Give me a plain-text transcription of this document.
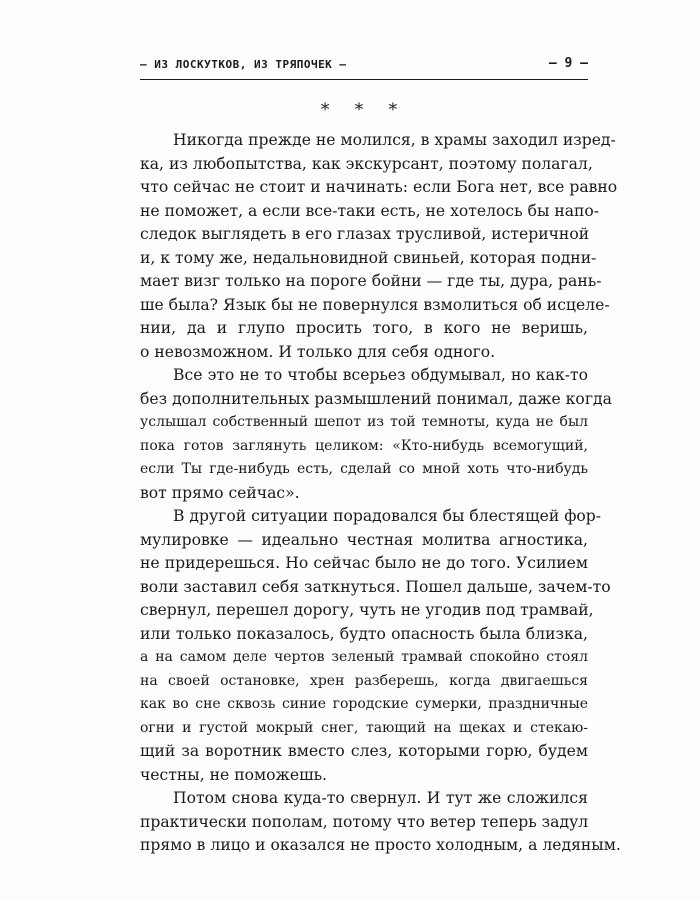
— ИЗ ЛОСКУТКОВ, ИЗ ТРЯПОЧЕК —	— 9 —
* * *
Никогда прежде не молился, в храмы заходил изред-
ка, из любопытства, как экскурсант, поэтому полагал,
что сейчас не стоит и начинать: если Бога нет, все равно
не поможет, а если все-таки есть, не хотелось бы напо-
следок выглядеть в его глазах трусливой, истеричной
и, к тому же, недальновидной свиньей, которая подни-
мает визг только на пороге бойни — где ты, дура, рань-
ше была? Язык бы не повернулся взмолиться об исцеле-
нии, да и глупо просить того, в кого не веришь,
о невозможном. И только для себя одного.
Все это не то чтобы всерьез обдумывал, но как-то
без дополнительных размышлений понимал, даже когда
услышал собственный шепот из той темноты, куда не был
пока готов заглянуть целиком: «Кто-нибудь всемогущий,
если Ты где-нибудь есть, сделай со мной хоть что-нибудь
вот прямо сейчас».
В другой ситуации порадовался бы блестящей фор-
мулировке — идеально честная молитва агностика,
не придерешься. Но сейчас было не до того. Усилием
воли заставил себя заткнуться. Пошел дальше, зачем-то
свернул, перешел дорогу, чуть не угодив под трамвай,
или только показалось, будто опасность была близка,
а на самом деле чертов зеленый трамвай спокойно стоял
на своей остановке, хрен разберешь, когда двигаешься
как во сне сквозь синие городские сумерки, праздничные
огни и густой мокрый снег, тающий на щеках и стекаю-
щий за воротник вместо слез, которыми горю, будем
честны, не поможешь.
Потом снова куда-то свернул. И тут же сложился
практически пополам, потому что ветер теперь задул
прямо в лицо и оказался не просто холодным, а ледяным.
